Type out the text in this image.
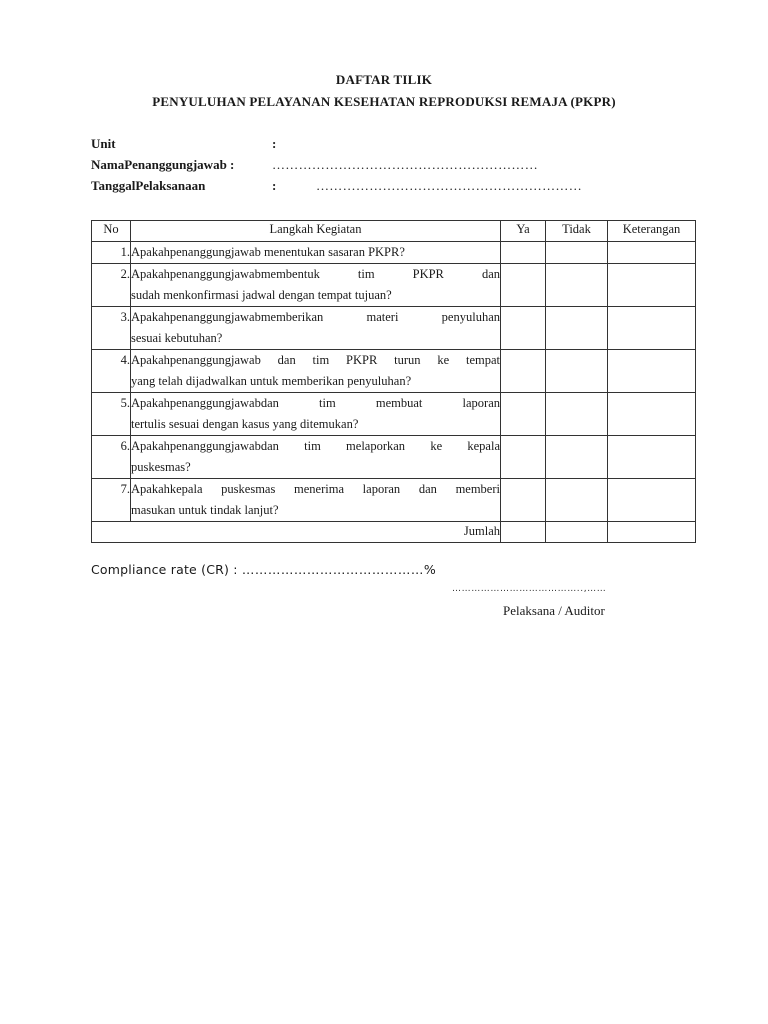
DAFTAR TILIK
PENYULUHAN PELAYANAN KESEHATAN REPRODUKSI REMAJA (PKPR)
Unit	:
NamaPenanggungjawab :	……………………………………………………
TanggalPelaksanaan	:	……………………………………………………
No	Langkah Kegiatan	Ya	Tidak	Keterangan
1.	Apakahpenanggungjawab menentukan sasaran PKPR?			

2.	Apakahpenanggungjawabmembentuk tim PKPR dan
sudah menkonfirmasi jadwal dengan tempat tujuan?			

3.	Apakahpenanggungjawabmemberikan materi penyuluhan
sesuai kebutuhan?			

4.	Apakahpenanggungjawab dan tim PKPR turun ke tempat
yang telah dijadwalkan untuk memberikan penyuluhan?			

5.	Apakahpenanggungjawabdan tim membuat laporan
tertulis sesuai dengan kasus yang ditemukan?			

6.	Apakahpenanggungjawabdan tim melaporkan ke kepala
puskesmas?			

7.	Apakahkepala puskesmas menerima laporan dan memberi
masukan untuk tindak lanjut?			

Jumlah				
Compliance rate (CR) : ……………………………………%
…………………………………..,……
Pelaksana / Auditor
